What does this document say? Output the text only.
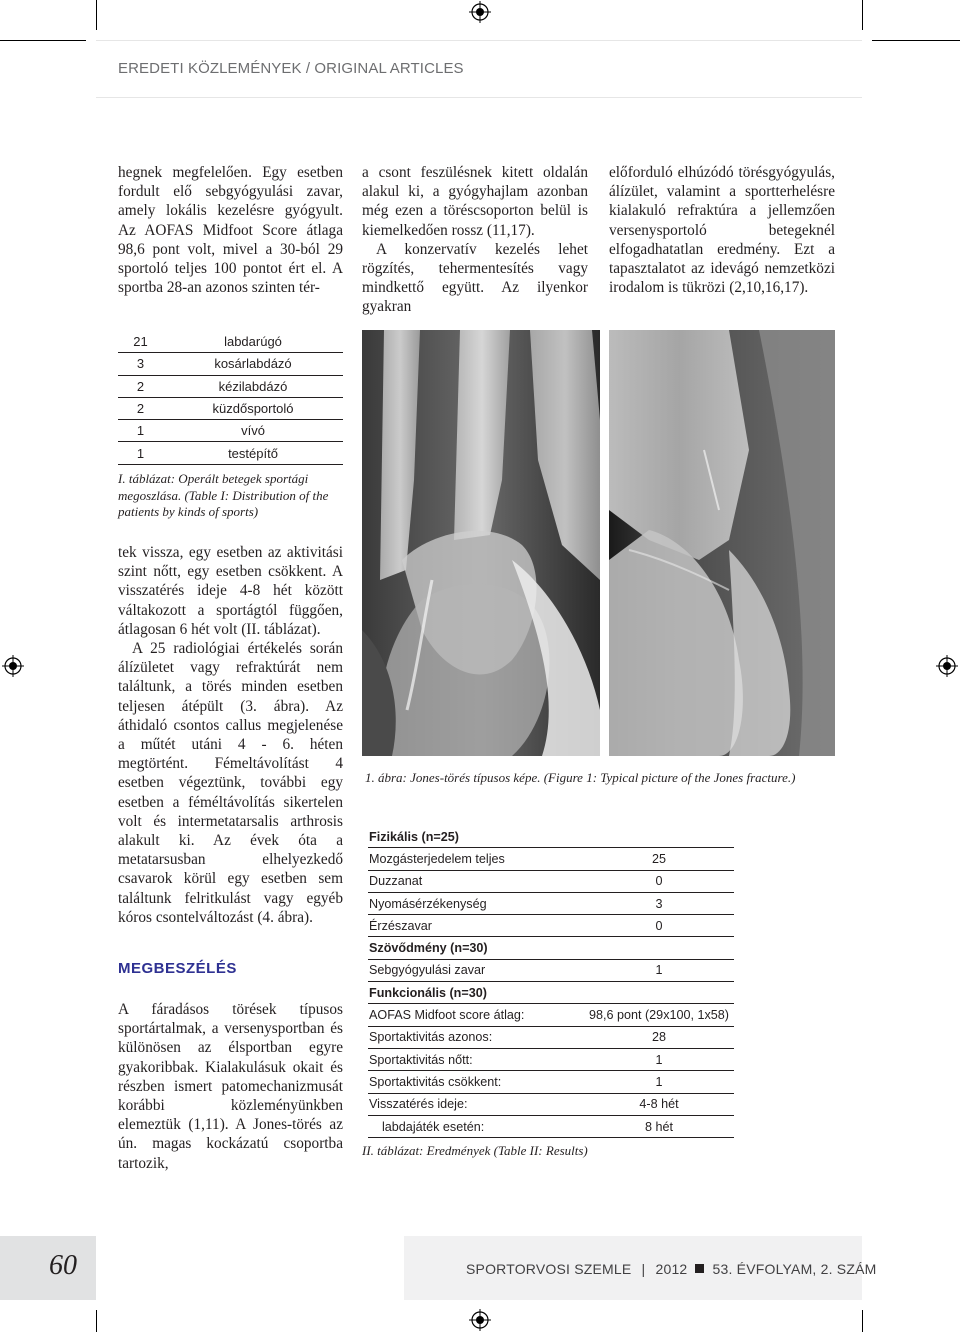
EREDETI KÖZLEMÉNYEK / ORIGINAL ARTICLES

hegnek megfelelően. Egy esetben fordult elő sebgyógyulási zavar, amely lokális kezelésre gyógyult. Az AOFAS Midfoot Score átlaga 98,6 pont volt, mivel a 30-ból 29 sportoló teljes 100 pontot ért el. A sportba 28-an azonos szinten tér-

a csont feszülésnek kitett oldalán alakul ki, a gyógyhajlam azonban még ezen a töréscsoporton belül is kiemelkedően rossz (11,17).

A konzervatív kezelés lehet rögzítés, tehermentesítés vagy mindkettő együtt. Az ilyenkor gyakran

előforduló elhúzódó törésgyógyulás, álízület, valamint a sportterhelésre kialakuló refraktúra a jellemzően versenysportoló betegeknél elfogadhatatlan eredmény. Ezt a tapasztalatot az idevágó nemzetközi irodalom is tükrözi (2,10,16,17).

21	labdarúgó
3	kosárlabdázó
2	kézilabdázó
2	küzdősportoló
1	vívó
1	testépítő
I. táblázat: Operált betegek sportági megoszlása. (Table I: Distribution of the patients by kinds of sports)

tek vissza, egy esetben az aktivitási szint nőtt, egy esetben csökkent. A visszatérés ideje 4-8 hét között váltakozott a sportágtól függően, átlagosan 6 hét volt (II. táblázat).

A 25 radiológiai értékelés során álízületet vagy refraktúrát nem találtunk, a törés minden esetben teljesen átépült (3. ábra). Az áthidaló csontos callus megjelenése a műtét utáni 4 - 6. héten megtörtént. Fémeltávolítást 4 esetben végeztünk, további egy esetben a féméltávolítás sikertelen volt és intermetatarsalis arthrosis alakult ki. Az évek óta a metatarsusban elhelyezkedő csavarok körül egy esetben sem találtunk felritkulást vagy egyéb kóros csontelváltozást (4. ábra).

MEGBESZÉLÉS

A fáradásos törések típusos sportártalmak, a versenysportban és különösen az élsportban egyre gyakoribbak. Kialakulásuk okait és részben ismert patomechanizmusát korábbi közleményünkben elemeztük (1,11). A Jones-törés az ún. magas kockázatú csoportba tartozik,

1. ábra: Jones-törés típusos képe. (Figure 1: Typical picture of the Jones fracture.)
Fizikális (n=25)	
Mozgásterjedelem teljes	25
Duzzanat	0
Nyomásérzékenység	3
Érzészavar	0
Szövődmény (n=30)	
Sebgyógyulási zavar	1
Funkcionális (n=30)	
AOFAS Midfoot score átlag:	98,6 pont (29x100, 1x58)
Sportaktivitás azonos:	28
Sportaktivitás nőtt:	1
Sportaktivitás csökkent:	1
Visszatérés ideje:	4-8 hét
labdajáték esetén:	8 hét
II. táblázat: Eredmények (Table II: Results)
60	SPORTORVOSI SZEMLE | 2012 53. ÉVFOLYAM, 2. SZÁM
